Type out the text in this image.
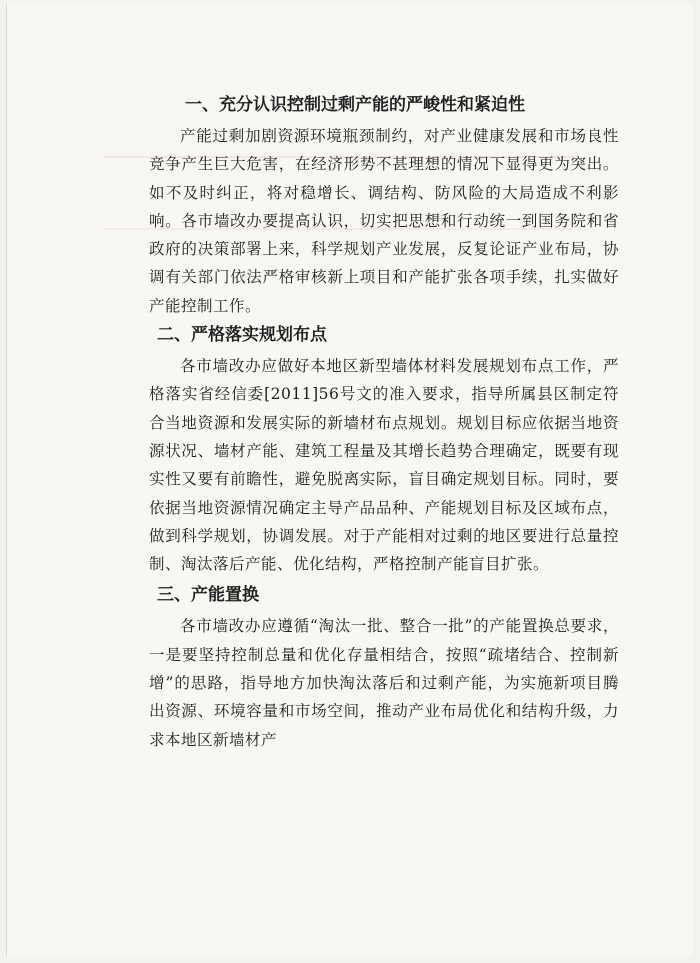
一、充分认识控制过剩产能的严峻性和紧迫性

产能过剩加剧资源环境瓶颈制约，对产业健康发展和市场良性竞争产生巨大危害，在经济形势不甚理想的情况下显得更为突出。如不及时纠正，将对稳增长、调结构、防风险的大局造成不利影响。各市墙改办要提高认识，切实把思想和行动统一到国务院和省政府的决策部署上来，科学规划产业发展，反复论证产业布局，协调有关部门依法严格审核新上项目和产能扩张各项手续，扎实做好产能控制工作。

二、严格落实规划布点

各市墙改办应做好本地区新型墙体材料发展规划布点工作，严格落实省经信委[2011]56号文的准入要求，指导所属县区制定符合当地资源和发展实际的新墙材布点规划。规划目标应依据当地资源状况、墙材产能、建筑工程量及其增长趋势合理确定，既要有现实性又要有前瞻性，避免脱离实际，盲目确定规划目标。同时，要依据当地资源情况确定主导产品品种、产能规划目标及区域布点，做到科学规划，协调发展。对于产能相对过剩的地区要进行总量控制、淘汰落后产能、优化结构，严格控制产能盲目扩张。

三、产能置换

各市墙改办应遵循“淘汰一批、整合一批”的产能置换总要求，一是要坚持控制总量和优化存量相结合，按照“疏堵结合、控制新增”的思路，指导地方加快淘汰落后和过剩产能，为实施新项目腾出资源、环境容量和市场空间，推动产业布局优化和结构升级，力求本地区新墙材产
